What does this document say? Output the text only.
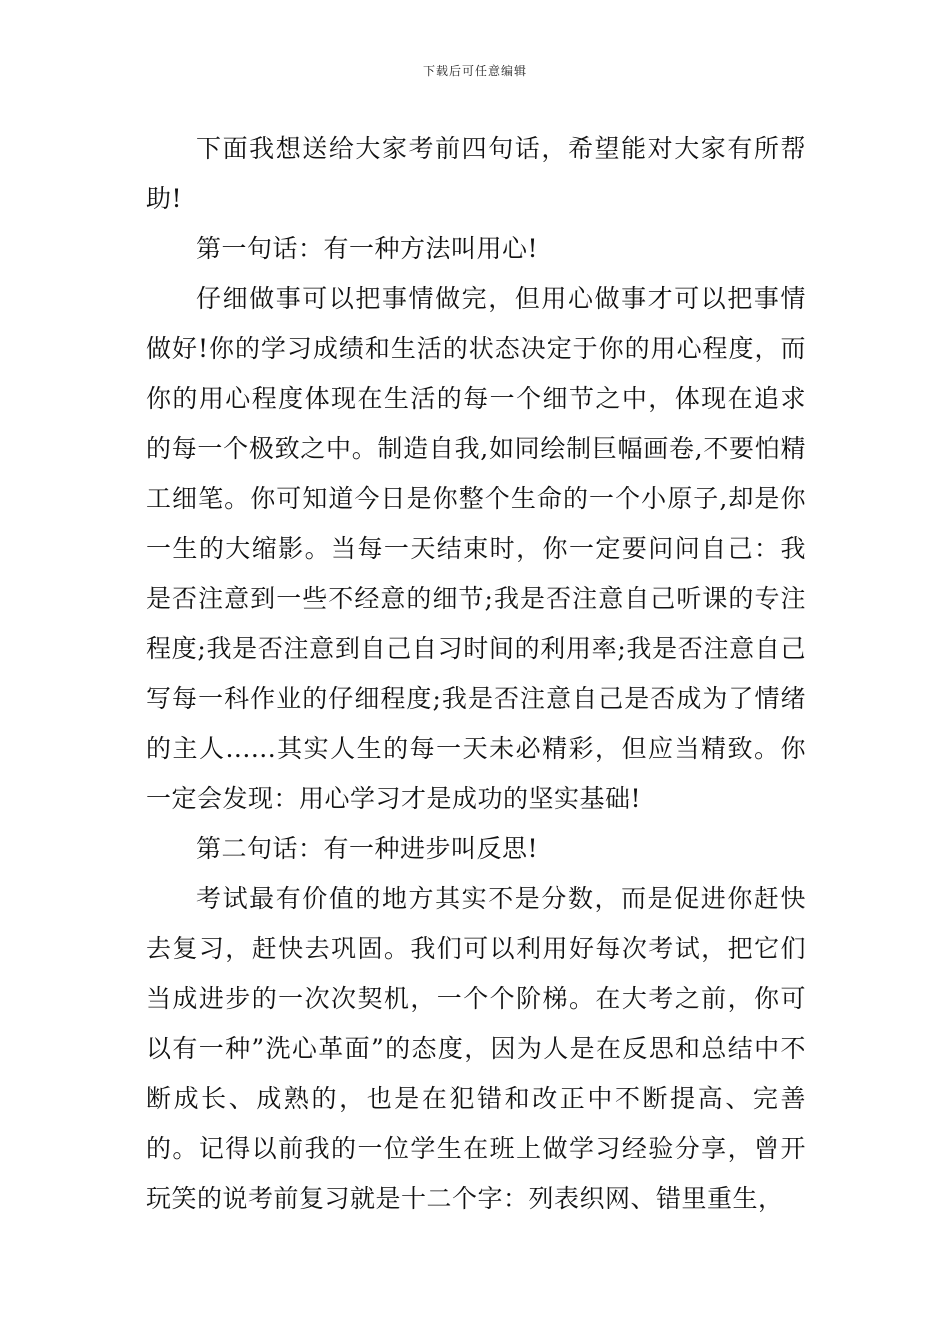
下载后可任意编辑

下面我想送给大家考前四句话，希望能对大家有所帮助!

第一句话：有一种方法叫用心!

仔细做事可以把事情做完，但用心做事才可以把事情做好!你的学习成绩和生活的状态决定于你的用心程度，而你的用心程度体现在生活的每一个细节之中，体现在追求的每一个极致之中。制造自我,如同绘制巨幅画卷,不要怕精工细笔。你可知道今日是你整个生命的一个小原子,却是你一生的大缩影。当每一天结束时，你一定要问问自己：我是否注意到一些不经意的细节;我是否注意自己听课的专注程度;我是否注意到自己自习时间的利用率;我是否注意自己写每一科作业的仔细程度;我是否注意自己是否成为了情绪的主人......其实人生的每一天未必精彩，但应当精致。你一定会发现：用心学习才是成功的坚实基础!

第二句话：有一种进步叫反思!

考试最有价值的地方其实不是分数，而是促进你赶快去复习，赶快去巩固。我们可以利用好每次考试，把它们当成进步的一次次契机，一个个阶梯。在大考之前，你可以有一种”洗心革面”的态度，因为人是在反思和总结中不断成长、成熟的，也是在犯错和改正中不断提高、完善的。记得以前我的一位学生在班上做学习经验分享，曾开玩笑的说考前复习就是十二个字：列表织网、错里重生，
